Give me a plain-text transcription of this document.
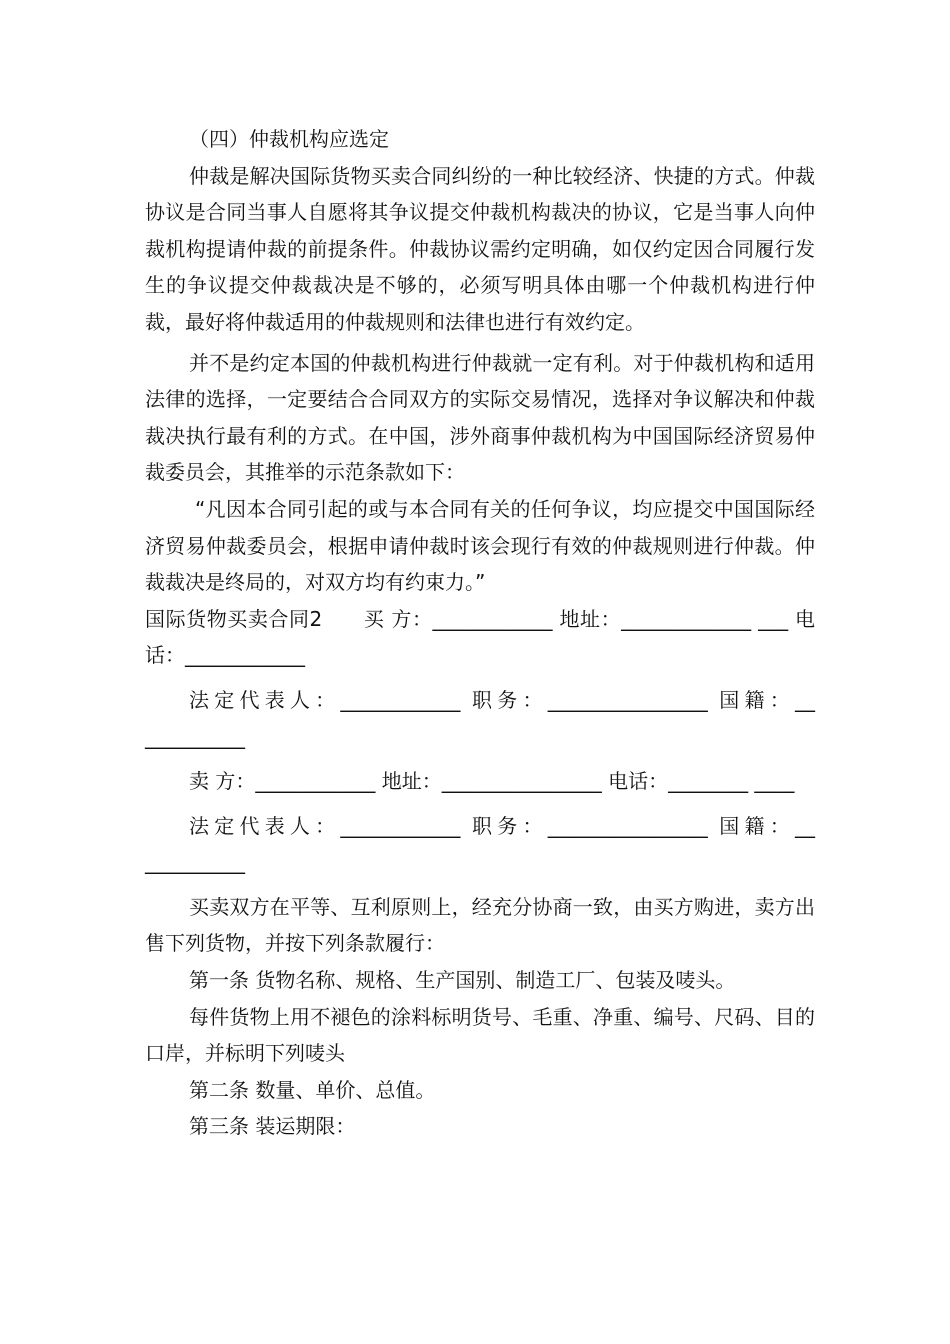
（四）仲裁机构应选定

仲裁是解决国际货物买卖合同纠纷的一种比较经济、快捷的方式。仲裁协议是合同当事人自愿将其争议提交仲裁机构裁决的协议，它是当事人向仲裁机构提请仲裁的前提条件。仲裁协议需约定明确，如仅约定因合同履行发生的争议提交仲裁裁决是不够的，必须写明具体由哪一个仲裁机构进行仲裁，最好将仲裁适用的仲裁规则和法律也进行有效约定。

并不是约定本国的仲裁机构进行仲裁就一定有利。对于仲裁机构和适用法律的选择，一定要结合合同双方的实际交易情况，选择对争议解决和仲裁裁决执行最有利的方式。在中国，涉外商事仲裁机构为中国国际经济贸易仲裁委员会，其推举的示范条款如下：

“凡因本合同引起的或与本合同有关的任何争议，均应提交中国国际经济贸易仲裁委员会，根据申请仲裁时该会现行有效的仲裁规则进行仲裁。仲裁裁决是终局的，对双方均有约束力。”

国际货物买卖合同2　　买 方：____________ 地址：_____________ ___ 电话：____________

法定代表人：____________ 职务：________________ 国籍：__ __________

卖 方：____________ 地址：________________ 电话：________ ____

法定代表人：____________ 职务：________________ 国籍：__ __________

买卖双方在平等、互利原则上，经充分协商一致，由买方购进，卖方出售下列货物，并按下列条款履行：

第一条 货物名称、规格、生产国别、制造工厂、包装及唛头。

每件货物上用不褪色的涂料标明货号、毛重、净重、编号、尺码、目的口岸，并标明下列唛头

第二条 数量、单价、总值。

第三条 装运期限：
